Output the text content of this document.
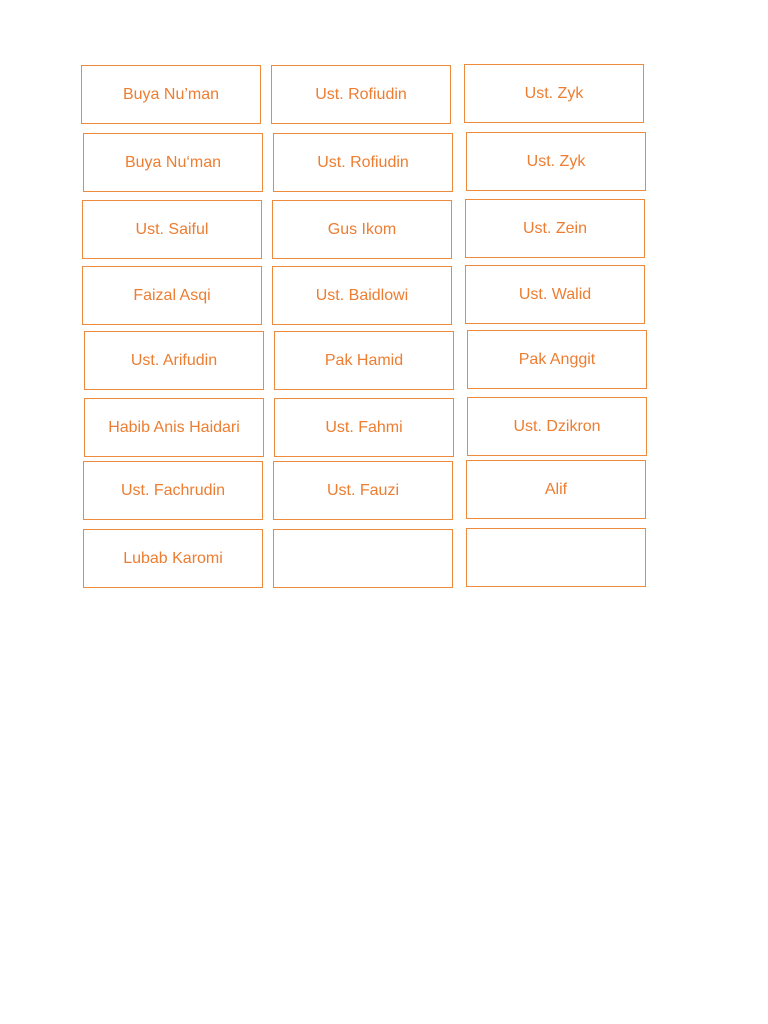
Buya Nu’man	Ust. Rofiudin	Ust. Zyk
Buya Nu‘man	Ust. Rofiudin	Ust. Zyk
Ust. Saiful	Gus Ikom	Ust. Zein
Faizal Asqi	Ust. Baidlowi	Ust. Walid
Ust. Arifudin	Pak Hamid	Pak Anggit
Habib Anis Haidari	Ust. Fahmi	Ust. Dzikron
Ust. Fachrudin	Ust. Fauzi	Alif
Lubab Karomi
